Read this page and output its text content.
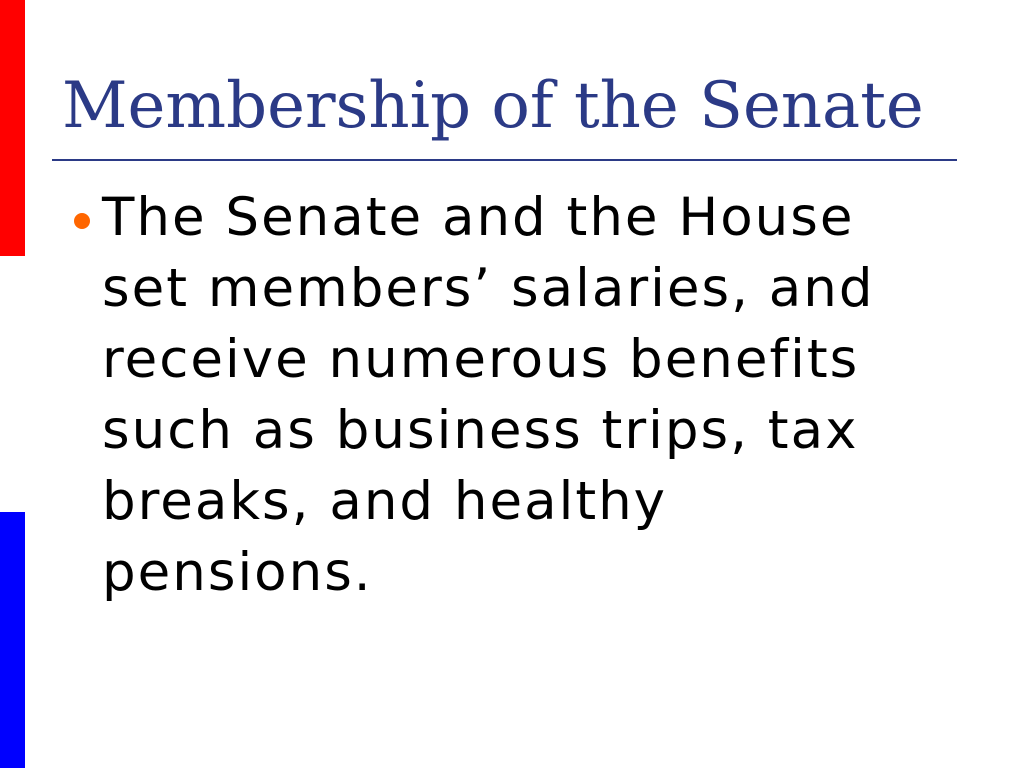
Membership of the Senate
The Senate and the House set members’ salaries, and receive numerous benefits such as business trips, tax breaks, and healthy pensions.
